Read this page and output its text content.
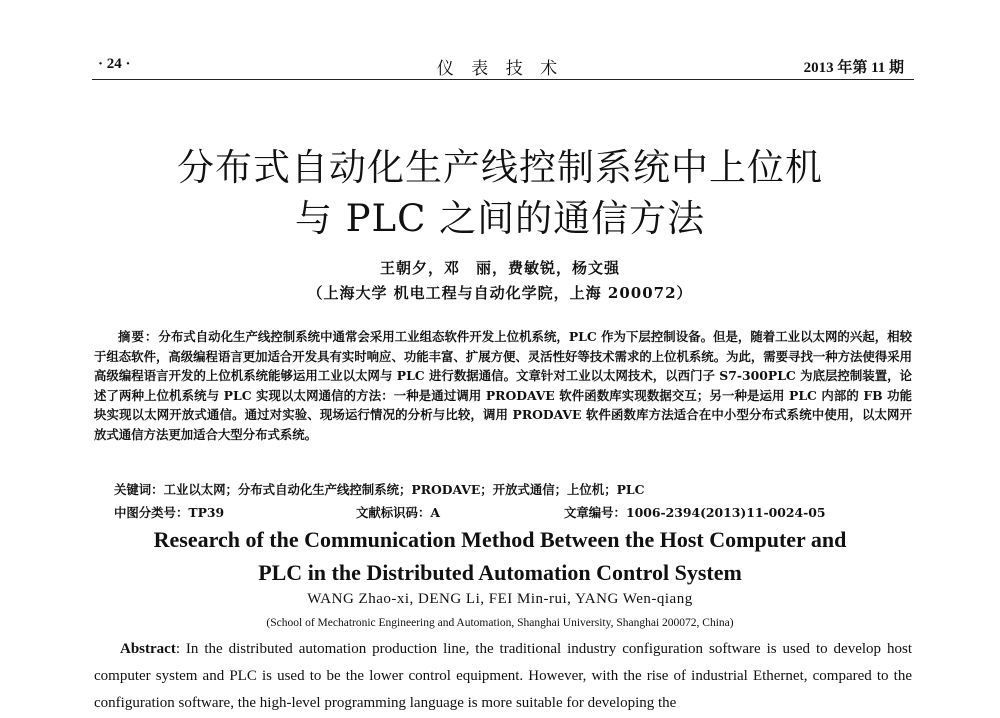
· 24 ·	仪 表 技 术	2013 年第 11 期
分布式自动化生产线控制系统中上位机
与 PLC 之间的通信方法
王朝夕，邓　丽，费敏锐，杨文强
（上海大学 机电工程与自动化学院，上海 200072）
摘要：分布式自动化生产线控制系统中通常会采用工业组态软件开发上位机系统，PLC 作为下层控制设备。但是，随着工业以太网的兴起，相较于组态软件，高级编程语言更加适合开发具有实时响应、功能丰富、扩展方便、灵活性好等技术需求的上位机系统。为此，需要寻找一种方法使得采用高级编程语言开发的上位机系统能够运用工业以太网与 PLC 进行数据通信。文章针对工业以太网技术，以西门子 S7-300PLC 为底层控制装置，论述了两种上位机系统与 PLC 实现以太网通信的方法：一种是通过调用 PRODAVE 软件函数库实现数据交互；另一种是运用 PLC 内部的 FB 功能块实现以太网开放式通信。通过对实验、现场运行情况的分析与比较，调用 PRODAVE 软件函数库方法适合在中小型分布式系统中使用，以太网开放式通信方法更加适合大型分布式系统。
关键词：工业以太网；分布式自动化生产线控制系统；PRODAVE；开放式通信；上位机；PLC
中图分类号：TP39	文献标识码：A	文章编号：1006-2394(2013)11-0024-05
Research of the Communication Method Between the Host Computer and
PLC in the Distributed Automation Control System
WANG Zhao-xi, DENG Li, FEI Min-rui, YANG Wen-qiang
(School of Mechatronic Engineering and Automation, Shanghai University, Shanghai 200072, China)
Abstract: In the distributed automation production line, the traditional industry configuration software is used to develop host computer system and PLC is used to be the lower control equipment. However, with the rise of industrial Ethernet, compared to the configuration software, the high-level programming language is more suitable for developing the
